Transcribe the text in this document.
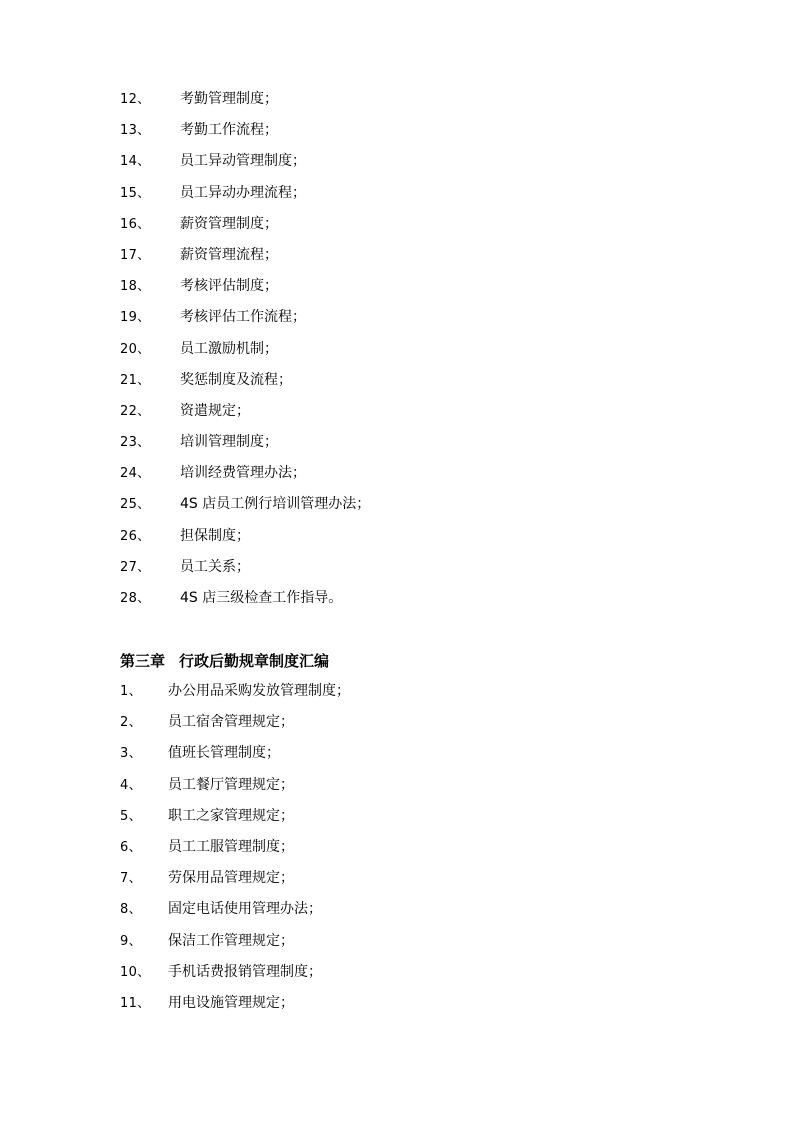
12、 考勤管理制度；
13、 考勤工作流程；
14、 员工异动管理制度；
15、 员工异动办理流程；
16、 薪资管理制度；
17、 薪资管理流程；
18、 考核评估制度；
19、 考核评估工作流程；
20、 员工激励机制；
21、 奖惩制度及流程；
22、 资遣规定；
23、 培训管理制度；
24、 培训经费管理办法；
25、 4S 店员工例行培训管理办法；
26、 担保制度；
27、 员工关系；
28、 4S 店三级检查工作指导。
第三章 行政后勤规章制度汇编
1、 办公用品采购发放管理制度；
2、 员工宿舍管理规定；
3、 值班长管理制度；
4、 员工餐厅管理规定；
5、 职工之家管理规定；
6、 员工工服管理制度；
7、 劳保用品管理规定；
8、 固定电话使用管理办法；
9、 保洁工作管理规定；
10、 手机话费报销管理制度；
11、 用电设施管理规定；
